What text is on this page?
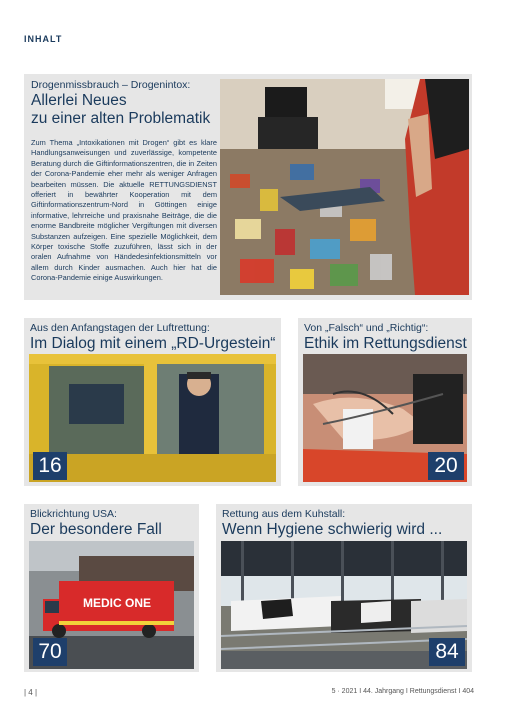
INHALT
Drogenmissbrauch – Drogenintox:
Allerlei Neues
zu einer alten Problematik
Zum Thema „Intoxikationen mit Drogen“ gibt es klare Handlungsanweisungen und zuverlässige, kompetente Beratung durch die Giftinformationszentren, die in Zeiten der Corona-Pandemie eher mehr als weniger Anfragen bearbeiten müssen. Die aktuelle RETTUNGSDIENST offeriert in bewährter Kooperation mit dem Giftinformationszentrum-Nord in Göttingen einige informative, lehrreiche und praxisnahe Beiträge, die die enorme Bandbreite möglicher Vergiftungen mit diversen Substanzen aufzeigen. Eine spezielle Möglichkeit, dem Körper toxische Stoffe zuzuführen, lässt sich in der oralen Aufnahme von Händedesinfektionsmitteln vor allem durch Kinder ausmachen. Auch hier hat die Corona-Pandemie einige Auswirkungen.
Aus den Anfangstagen der Luftrettung:
Im Dialog mit einem „RD-Urgestein“
16
Von „Falsch“ und „Richtig“:
Ethik im Rettungsdienst
20
Blickrichtung USA:
Der besondere Fall
MEDIC ONE
70
Rettung aus dem Kuhstall:
Wenn Hygiene schwierig wird ...
84
| 4 |	5 · 2021 I 44. Jahrgang I Rettungsdienst I 404
